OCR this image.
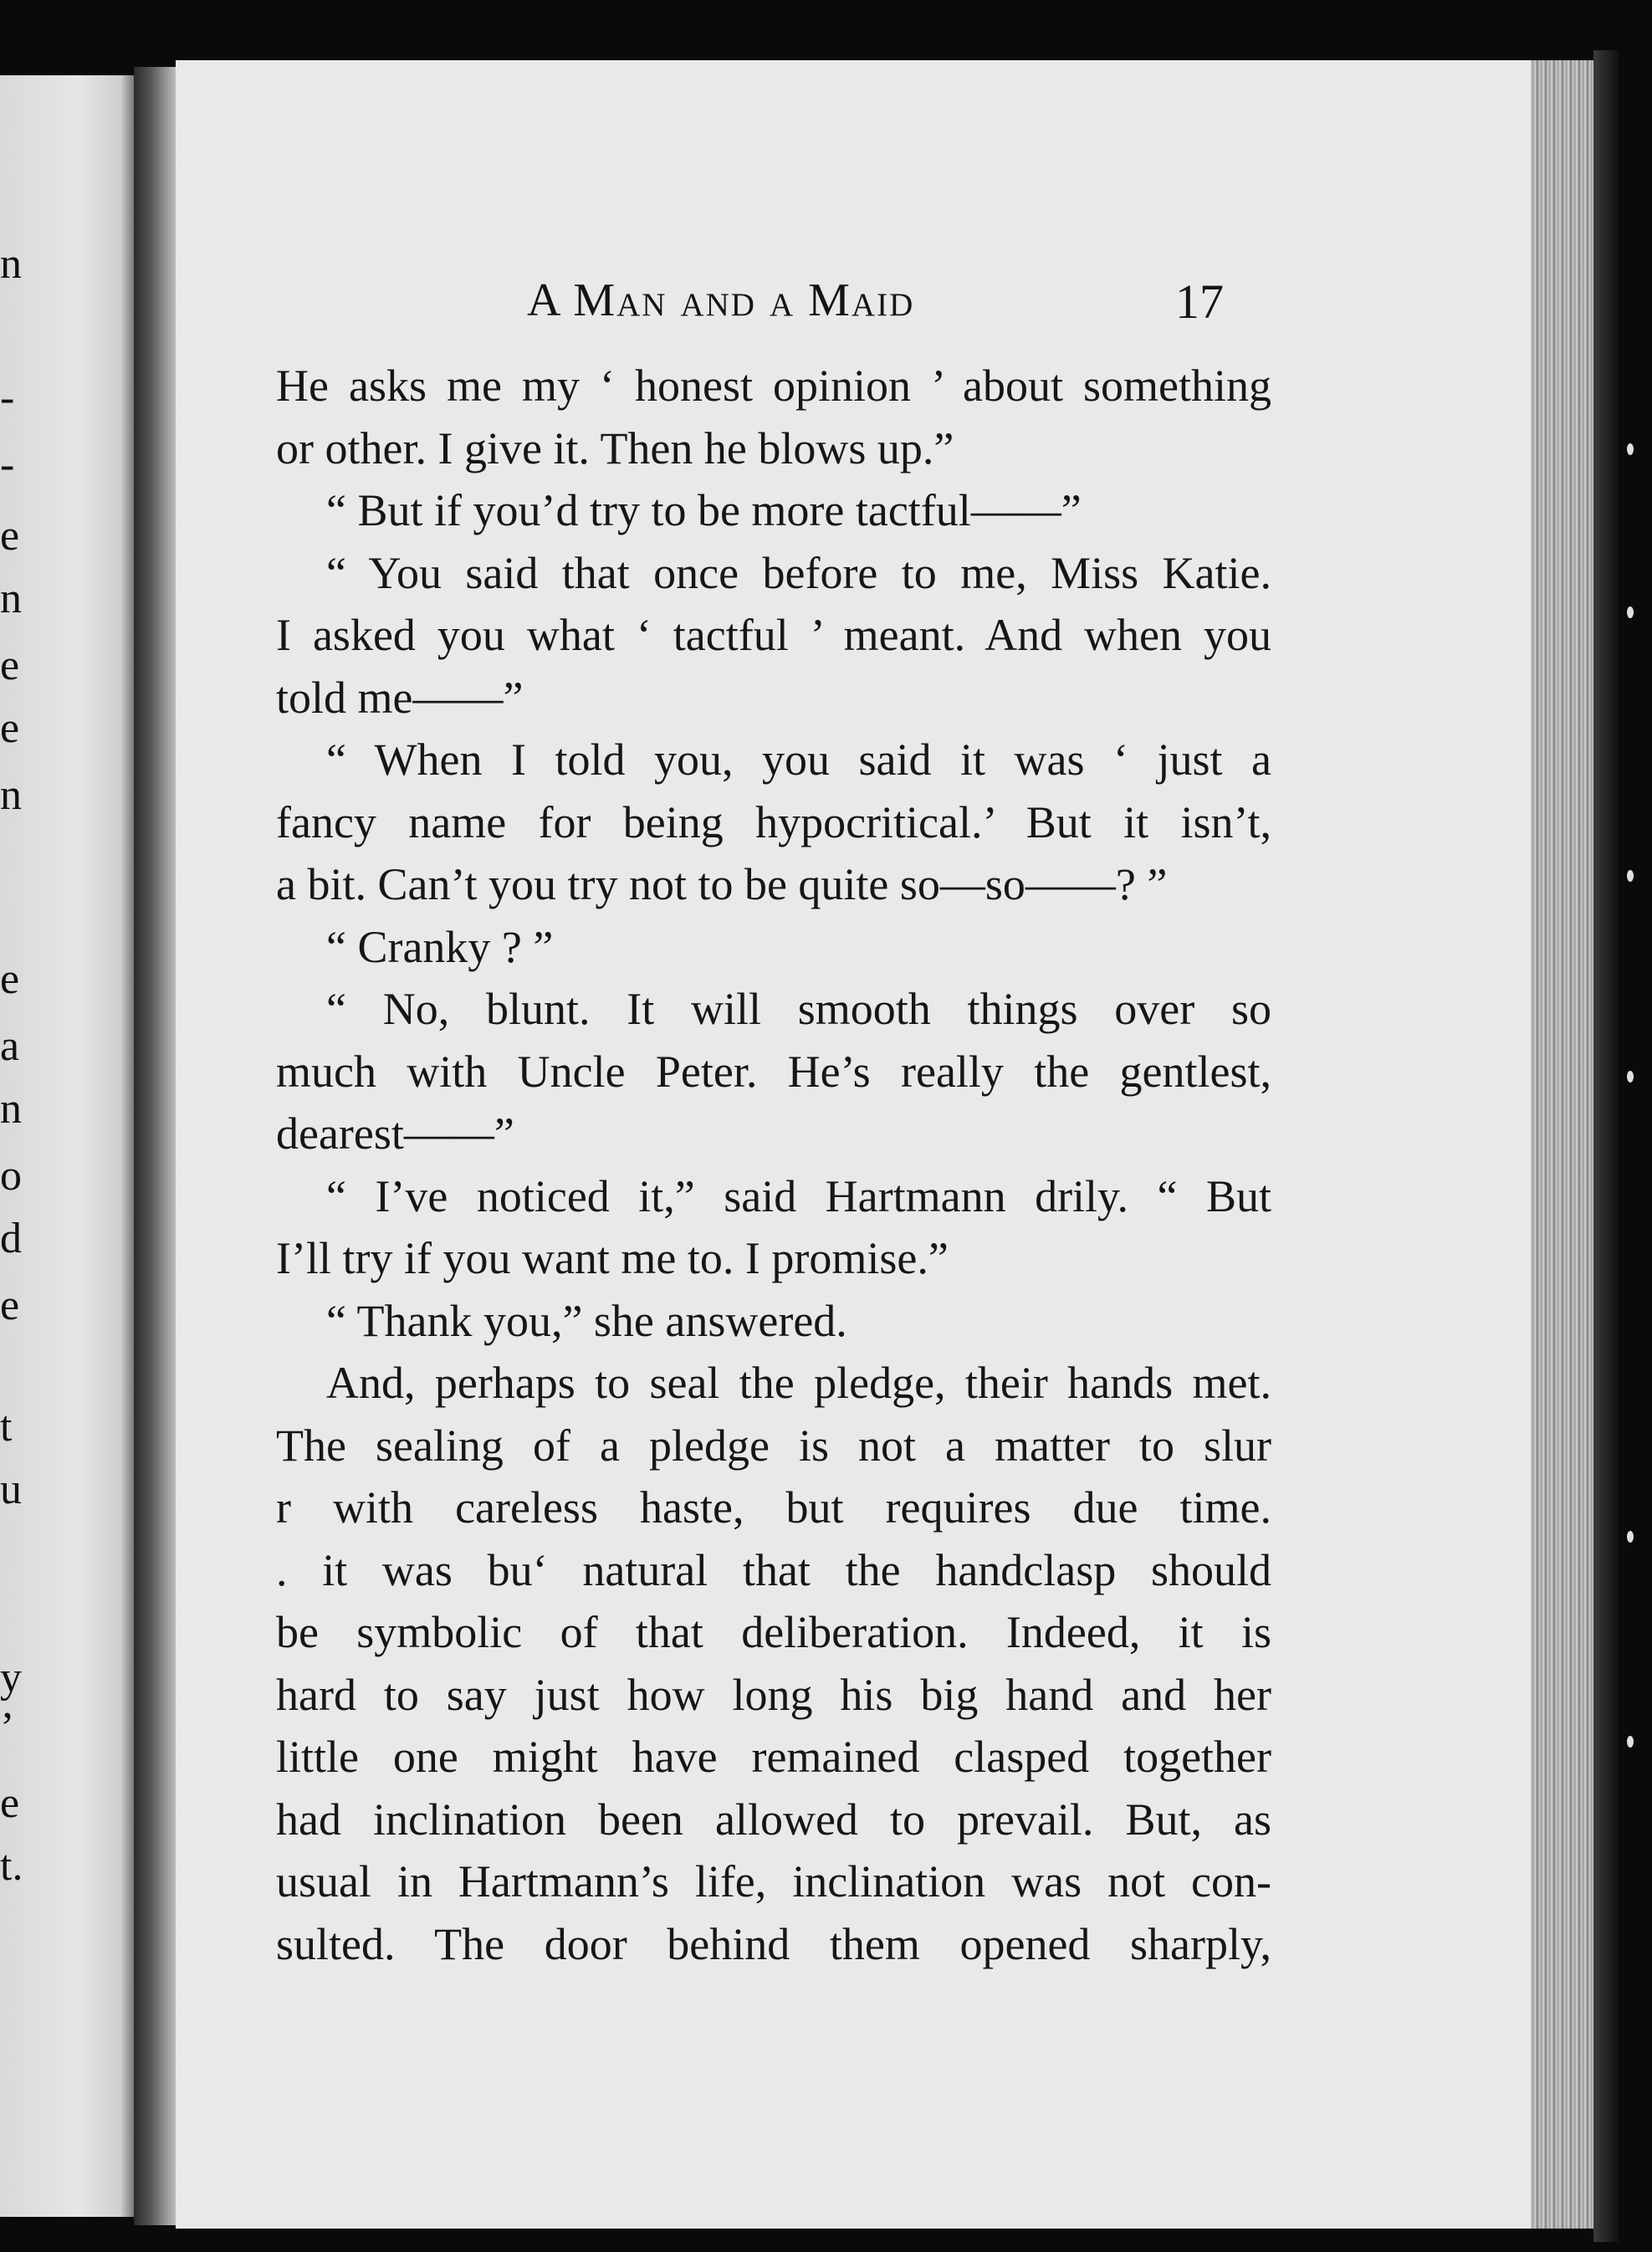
n
-
-
e
n
e
e
n
e
a
n
o
d
e
t
u
y
’
e
t.
A Man and a Maid	17
He asks me my ‘ honest opinion ’ about something
or other. I give it. Then he blows up.”
“ But if you’d try to be more tactful——”
“ You said that once before to me, Miss Katie.
I asked you what ‘ tactful ’ meant. And when you
told me——”
“ When I told you, you said it was ‘ just a
fancy name for being hypocritical.’ But it isn’t,
a bit. Can’t you try not to be quite so—so——? ”
“ Cranky ? ”
“ No, blunt. It will smooth things over so
much with Uncle Peter. He’s really the gentlest,
dearest——”
“ I’ve noticed it,” said Hartmann drily. “ But
I’ll try if you want me to. I promise.”
“ Thank you,” she answered.
And, perhaps to seal the pledge, their hands met.
The sealing of a pledge is not a matter to slur
r with careless haste, but requires due time.
. it was bu‘ natural that the handclasp should
be symbolic of that deliberation. Indeed, it is
hard to say just how long his big hand and her
little one might have remained clasped together
had inclination been allowed to prevail. But, as
usual in Hartmann’s life, inclination was not con-
sulted. The door behind them opened sharply,
